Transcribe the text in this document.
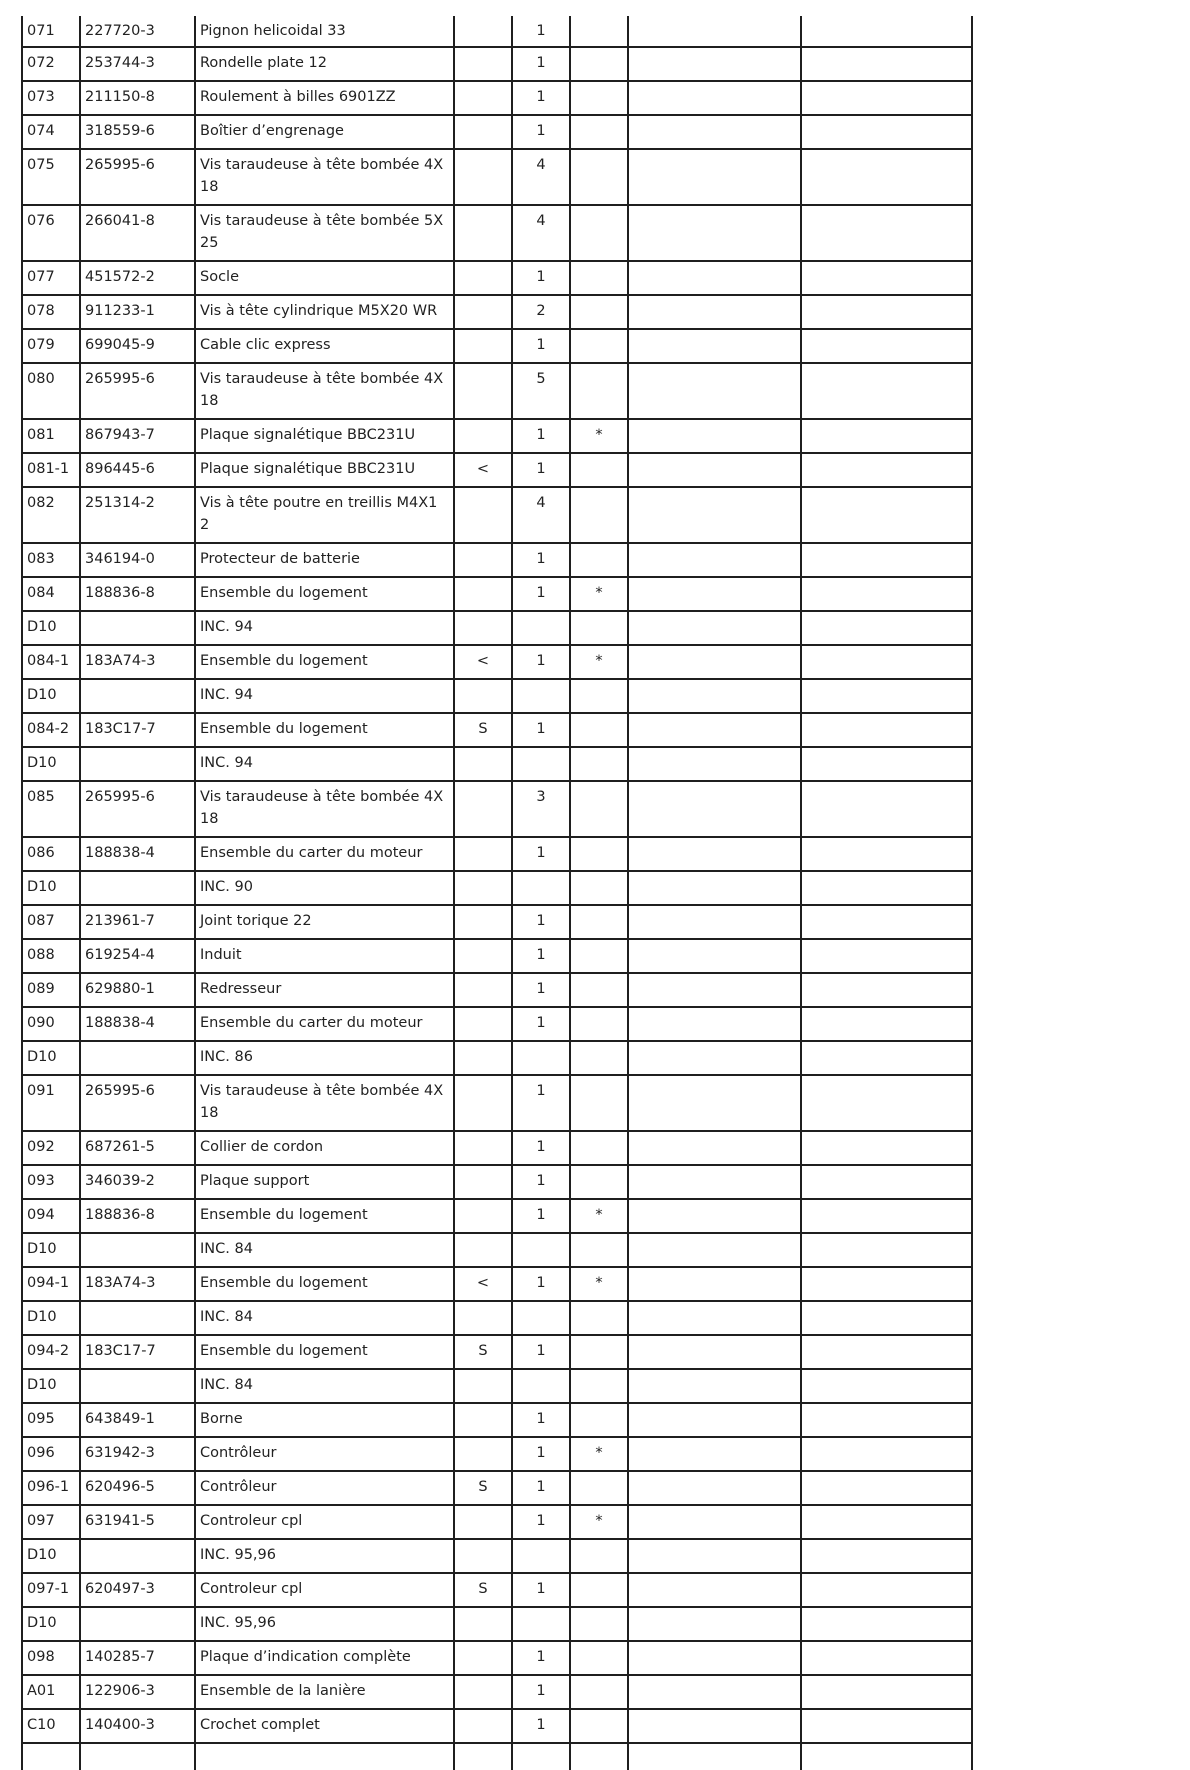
071	227720-3	Pignon helicoidal 33		1			
072	253744-3	Rondelle plate 12		1			
073	211150-8	Roulement à billes 6901ZZ		1			
074	318559-6	Boîtier d’engrenage		1			
075	265995-6	Vis taraudeuse à tête bombée 4X 18		4			
076	266041-8	Vis taraudeuse à tête bombée 5X 25		4			
077	451572-2	Socle		1			
078	911233-1	Vis à tête cylindrique M5X20 WR		2			
079	699045-9	Cable clic express		1			
080	265995-6	Vis taraudeuse à tête bombée 4X 18		5			
081	867943-7	Plaque signalétique BBC231U		1	*		
081-1	896445-6	Plaque signalétique BBC231U	<	1			
082	251314-2	Vis à tête poutre en treillis M4X1 2		4			
083	346194-0	Protecteur de batterie		1			
084	188836-8	Ensemble du logement		1	*		
D10		INC. 94					
084-1	183A74-3	Ensemble du logement	<	1	*		
D10		INC. 94					
084-2	183C17-7	Ensemble du logement	S	1			
D10		INC. 94					
085	265995-6	Vis taraudeuse à tête bombée 4X 18		3			
086	188838-4	Ensemble du carter du moteur		1			
D10		INC. 90					
087	213961-7	Joint torique 22		1			
088	619254-4	Induit		1			
089	629880-1	Redresseur		1			
090	188838-4	Ensemble du carter du moteur		1			
D10		INC. 86					
091	265995-6	Vis taraudeuse à tête bombée 4X 18		1			
092	687261-5	Collier de cordon		1			
093	346039-2	Plaque support		1			
094	188836-8	Ensemble du logement		1	*		
D10		INC. 84					
094-1	183A74-3	Ensemble du logement	<	1	*		
D10		INC. 84					
094-2	183C17-7	Ensemble du logement	S	1			
D10		INC. 84					
095	643849-1	Borne		1			
096	631942-3	Contrôleur		1	*		
096-1	620496-5	Contrôleur	S	1			
097	631941-5	Controleur cpl		1	*		
D10		INC. 95,96					
097-1	620497-3	Controleur cpl	S	1			
D10		INC. 95,96					
098	140285-7	Plaque d’indication complète		1			
A01	122906-3	Ensemble de la lanière		1			
C10	140400-3	Crochet complet		1			
